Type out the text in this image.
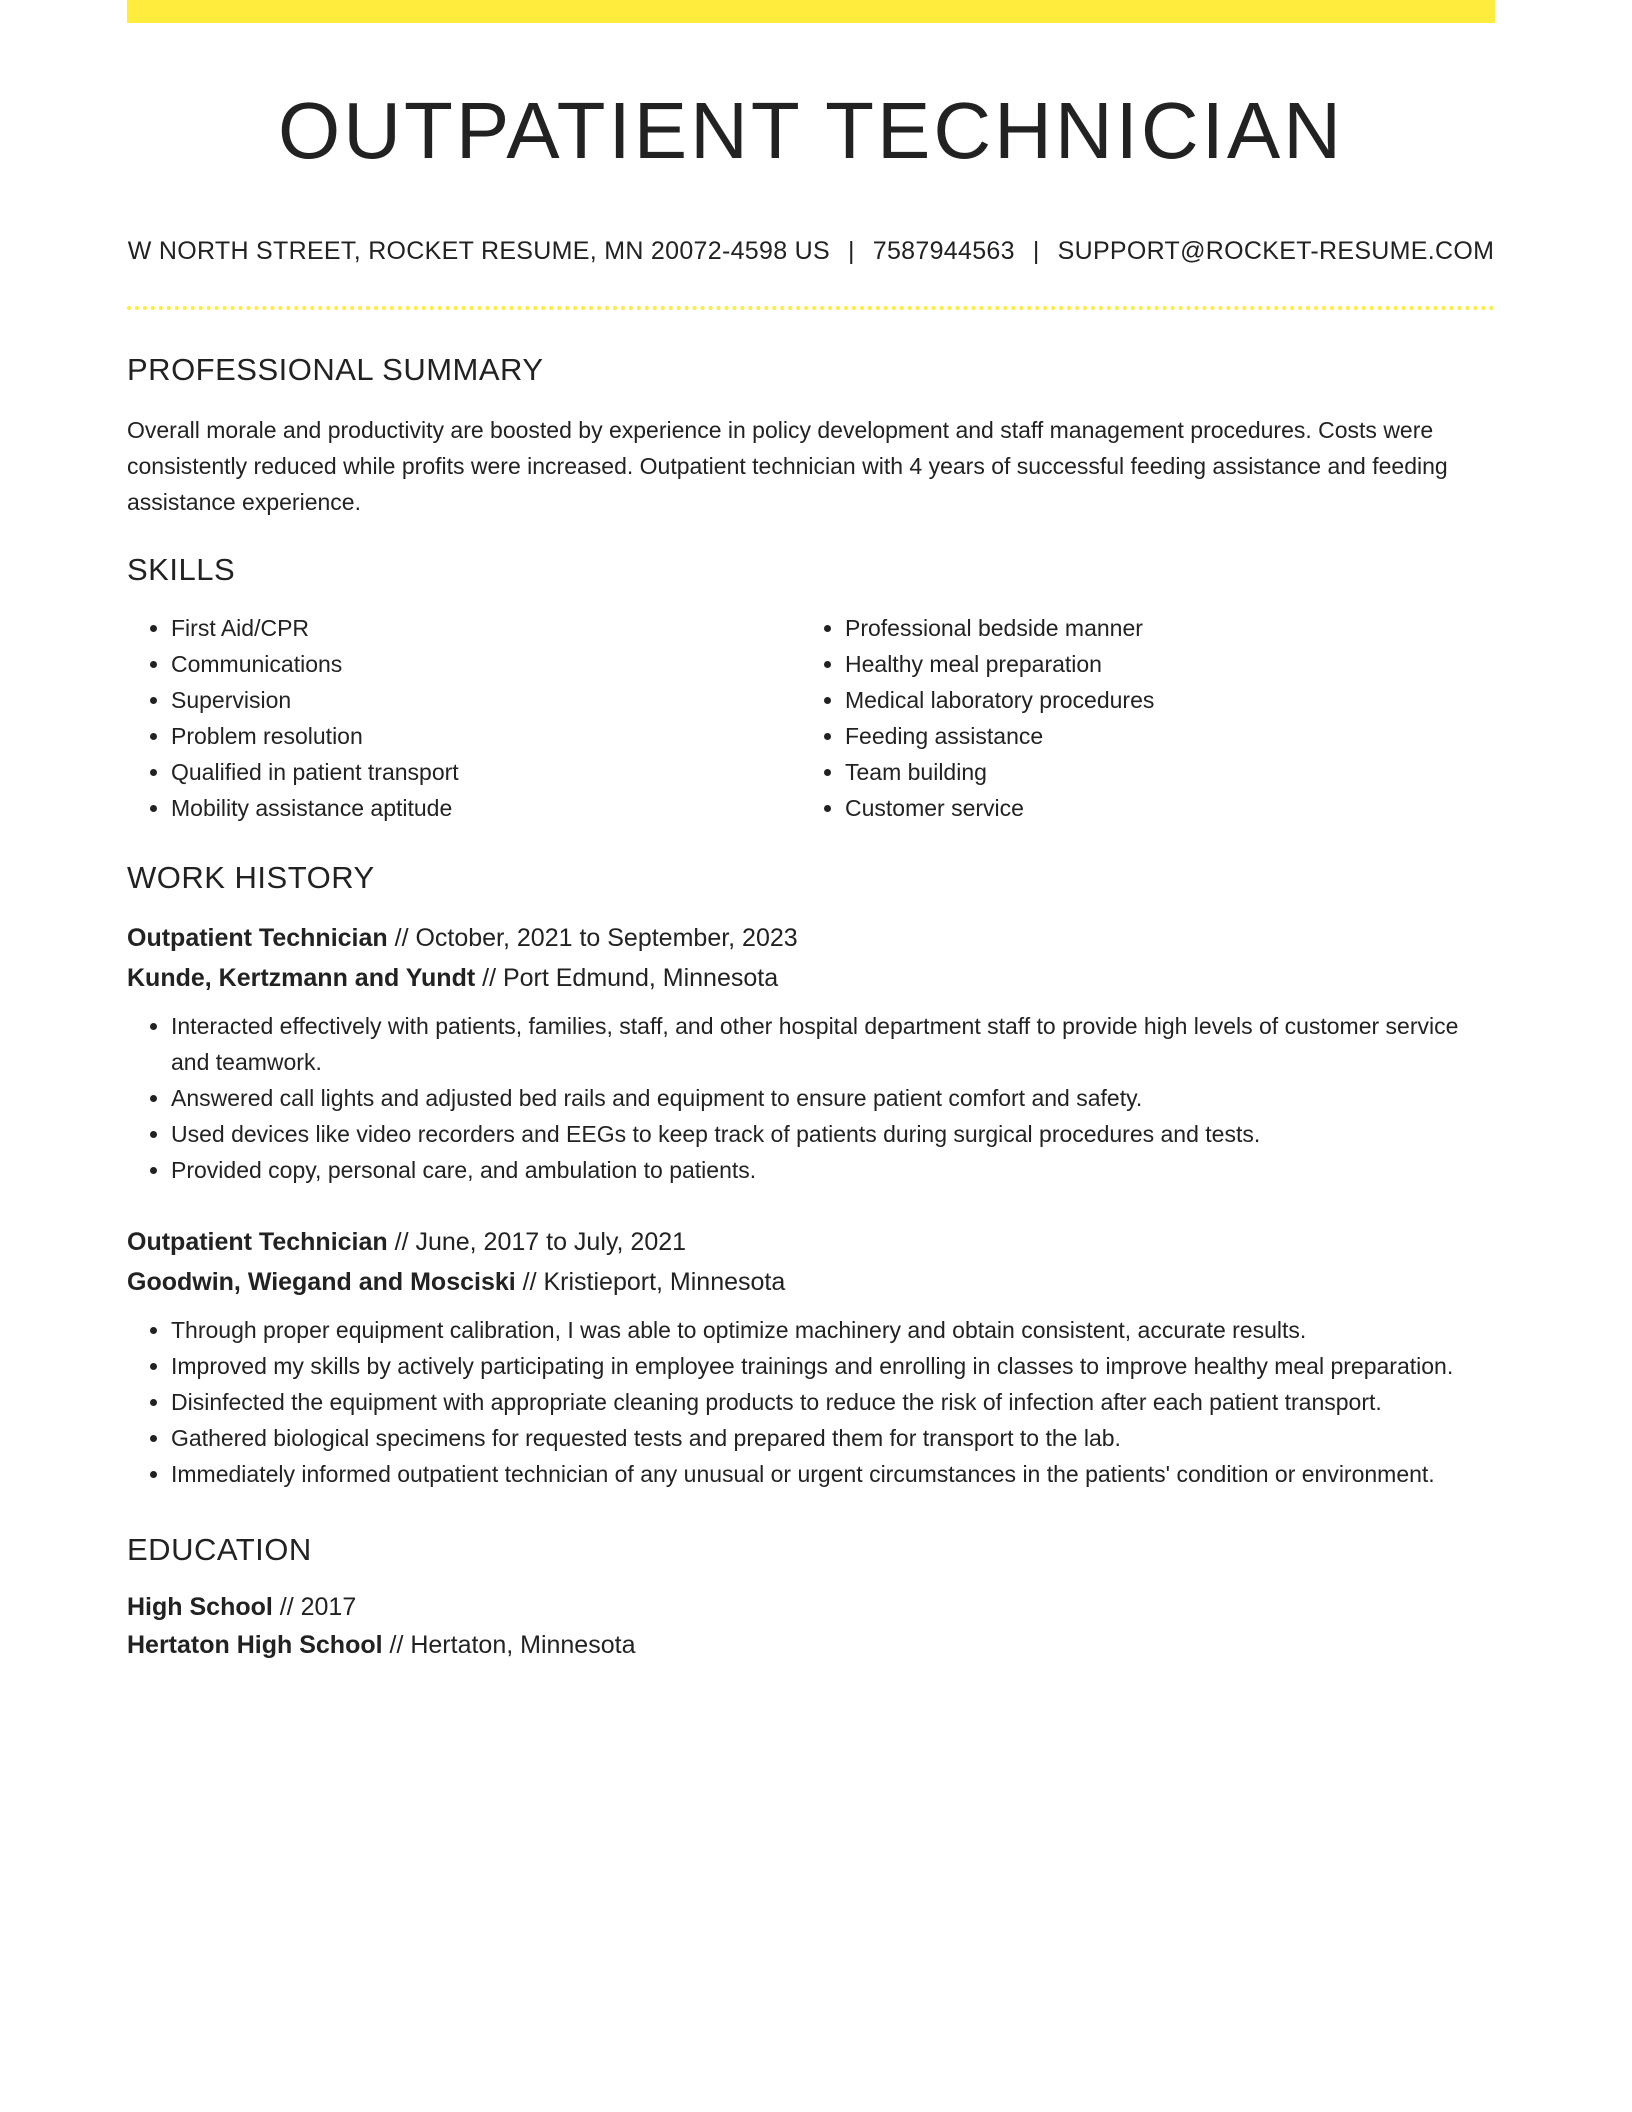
OUTPATIENT TECHNICIAN
W NORTH STREET, ROCKET RESUME, MN 20072-4598 US | 7587944563 | SUPPORT@ROCKET-RESUME.COM
PROFESSIONAL SUMMARY
Overall morale and productivity are boosted by experience in policy development and staff management procedures. Costs were consistently reduced while profits were increased. Outpatient technician with 4 years of successful feeding assistance and feeding assistance experience.
SKILLS
• First Aid/CPR
• Communications
• Supervision
• Problem resolution
• Qualified in patient transport
• Mobility assistance aptitude
• Professional bedside manner
• Healthy meal preparation
• Medical laboratory procedures
• Feeding assistance
• Team building
• Customer service
WORK HISTORY
Outpatient Technician // October, 2021 to September, 2023
Kunde, Kertzmann and Yundt // Port Edmund, Minnesota
• Interacted effectively with patients, families, staff, and other hospital department staff to provide high levels of customer service and teamwork.
• Answered call lights and adjusted bed rails and equipment to ensure patient comfort and safety.
• Used devices like video recorders and EEGs to keep track of patients during surgical procedures and tests.
• Provided copy, personal care, and ambulation to patients.
Outpatient Technician // June, 2017 to July, 2021
Goodwin, Wiegand and Mosciski // Kristieport, Minnesota
• Through proper equipment calibration, I was able to optimize machinery and obtain consistent, accurate results.
• Improved my skills by actively participating in employee trainings and enrolling in classes to improve healthy meal preparation.
• Disinfected the equipment with appropriate cleaning products to reduce the risk of infection after each patient transport.
• Gathered biological specimens for requested tests and prepared them for transport to the lab.
• Immediately informed outpatient technician of any unusual or urgent circumstances in the patients' condition or environment.
EDUCATION
High School // 2017
Hertaton High School // Hertaton, Minnesota
